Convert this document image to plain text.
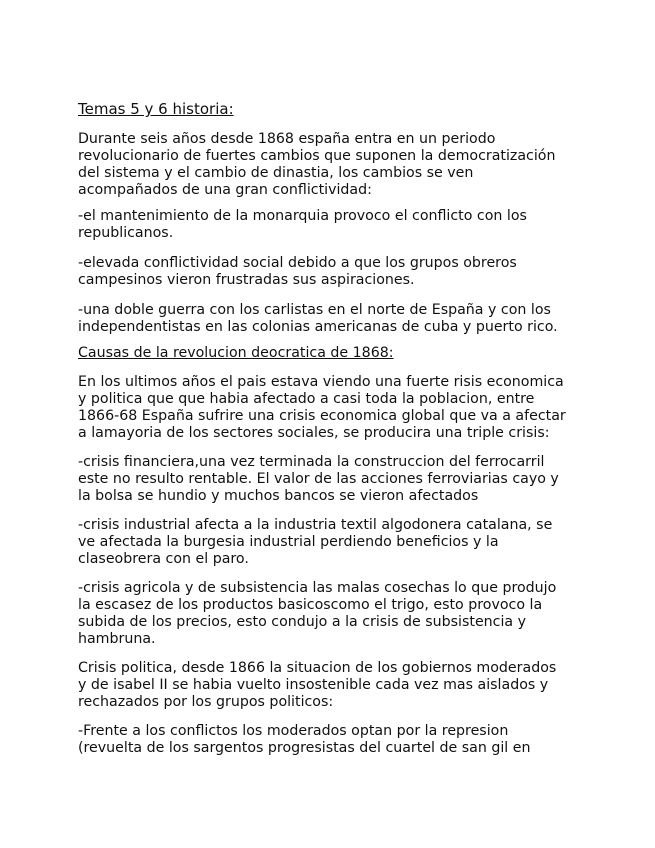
Temas 5 y 6 historia:
Durante seis años desde 1868 españa entra en un periodo
revolucionario de fuertes cambios que suponen la democratización
del sistema y el cambio de dinastia, los cambios se ven
acompañados de una gran conflictividad:
-el mantenimiento de la monarquia provoco el conflicto con los
republicanos.
-elevada conflictividad social debido a que los grupos obreros
campesinos vieron frustradas sus aspiraciones.
-una doble guerra con los carlistas en el norte de España y con los
independentistas en las colonias americanas de cuba y puerto rico.
Causas de la revolucion deocratica de 1868:
En los ultimos años el pais estava viendo una fuerte risis economica
y politica que que habia afectado a casi toda la poblacion, entre
1866-68 España sufrire una crisis economica global que va a afectar
a lamayoria de los sectores sociales, se producira una triple crisis:
-crisis financiera,una vez terminada la construccion del ferrocarril
este no resulto rentable. El valor de las acciones ferroviarias cayo y
la bolsa se hundio y muchos bancos se vieron afectados
-crisis industrial afecta a la industria textil algodonera catalana, se
ve afectada la burgesia industrial perdiendo beneficios y la
claseobrera con el paro.
-crisis agricola y de subsistencia las malas cosechas lo que produjo
la escasez de los productos basicoscomo el trigo, esto provoco la
subida de los precios, esto condujo a la crisis de subsistencia y
hambruna.
Crisis politica, desde 1866 la situacion de los gobiernos moderados
y de isabel II se habia vuelto insostenible cada vez mas aislados y
rechazados por los grupos politicos:
-Frente a los conflictos los moderados optan por la represion
(revuelta de los sargentos progresistas del cuartel de san gil en
